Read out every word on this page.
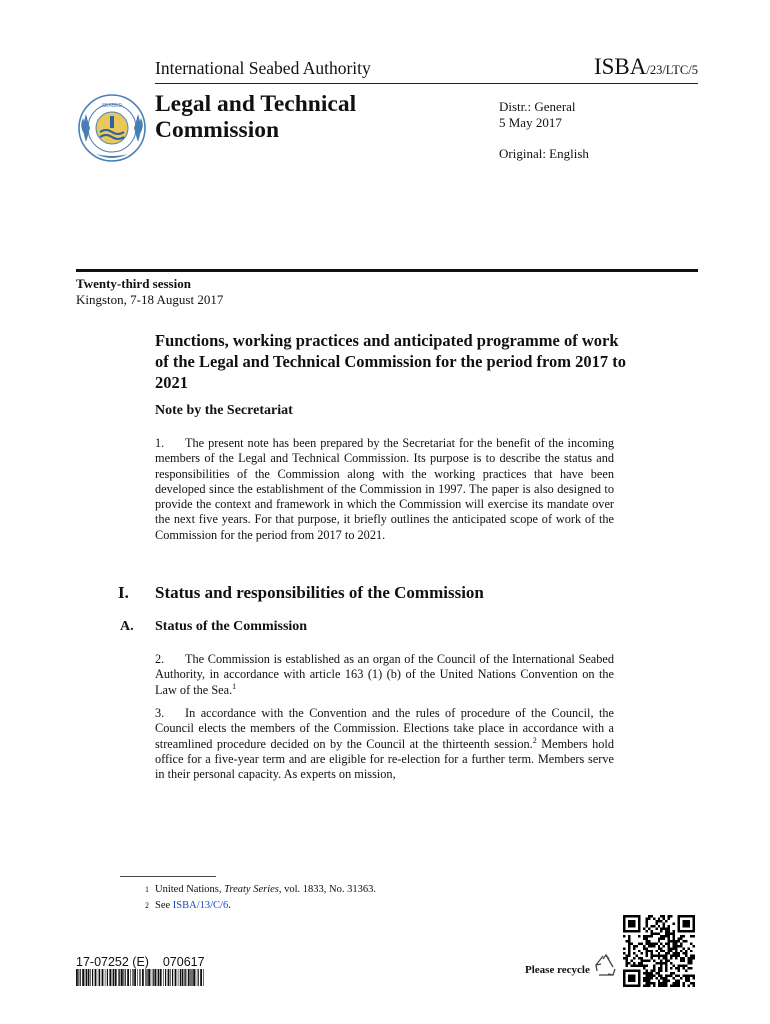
International Seabed Authority	ISBA/23/LTC/5
SEABED Legal and Technical
Commission
Distr.: General
5 May 2017
Original: English
Twenty-third session
Kingston, 7-18 August 2017
Functions, working practices and anticipated programme of work of the Legal and Technical Commission for the period from 2017 to 2021
Note by the Secretariat
1. The present note has been prepared by the Secretariat for the benefit of the incoming members of the Legal and Technical Commission. Its purpose is to describe the status and responsibilities of the Commission along with the working practices that have been developed since the establishment of the Commission in 1997. The paper is also designed to provide the context and framework in which the Commission will exercise its mandate over the next five years. For that purpose, it briefly outlines the anticipated scope of work of the Commission for the period from 2017 to 2021.
I. Status and responsibilities of the Commission
A. Status of the Commission
2. The Commission is established as an organ of the Council of the International Seabed Authority, in accordance with article 163 (1) (b) of the United Nations Convention on the Law of the Sea.$^1$
3. In accordance with the Convention and the rules of procedure of the Council, the Council elects the members of the Commission. Elections take place in accordance with a streamlined procedure decided on by the Council at the thirteenth session.$^2$ Members hold office for a five-year term and are eligible for re-election for a further term. Members serve in their personal capacity. As experts on mission,
1 United Nations, Treaty Series, vol. 1833, No. 31363.
2 See ISBA/13/C/6.
17-07252 (E)    070617
Please recycle
